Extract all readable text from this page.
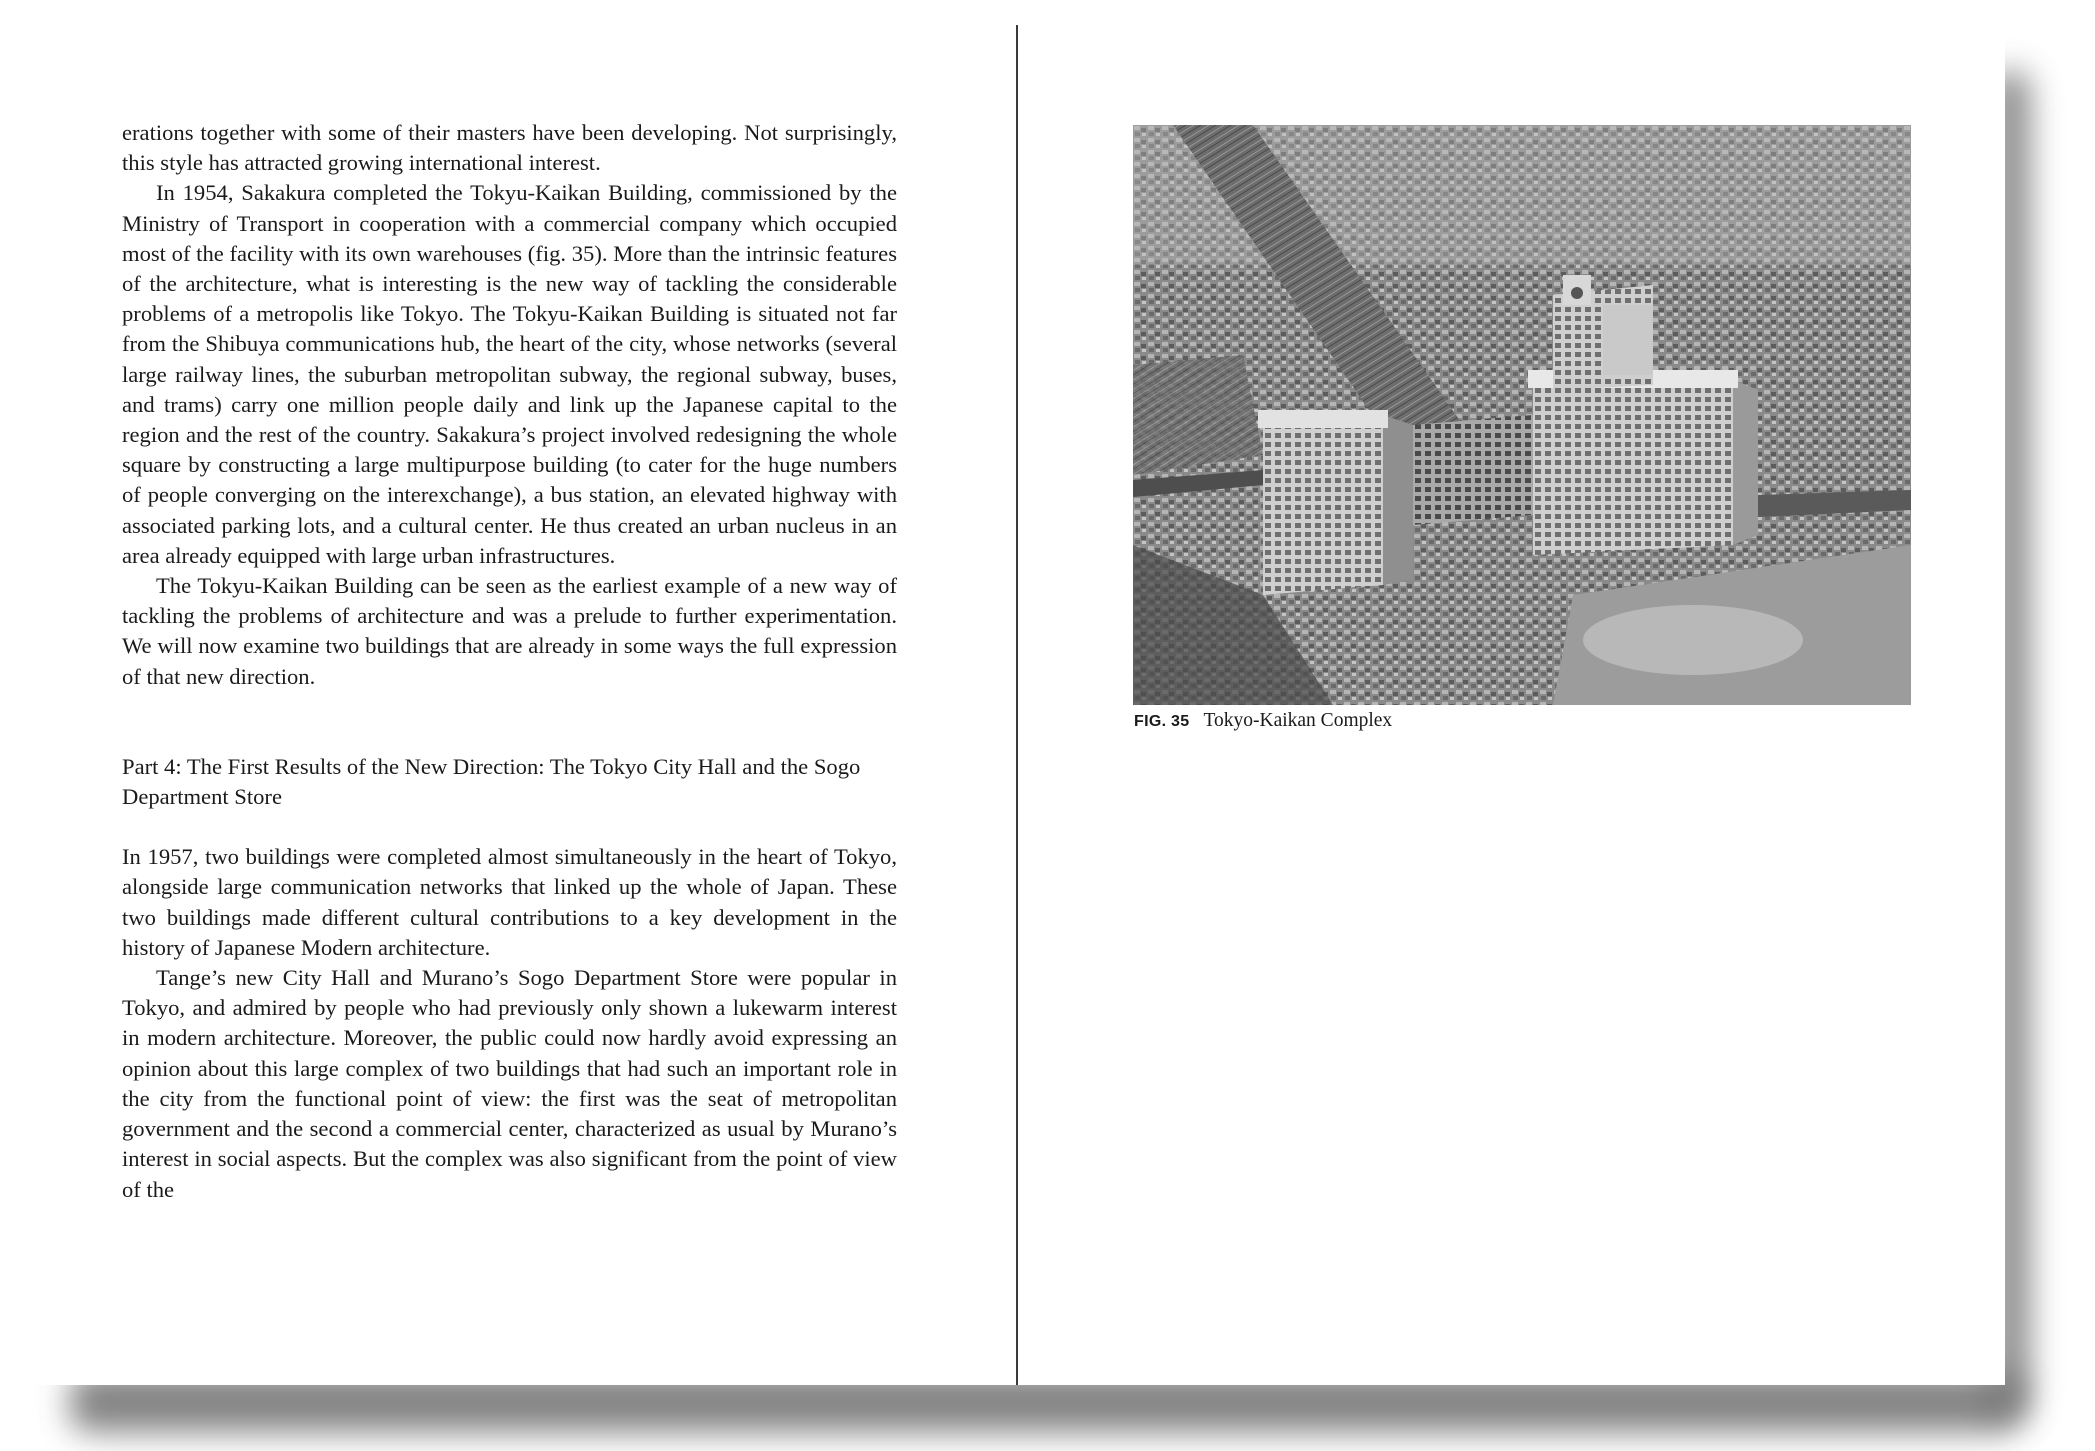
erations together with some of their masters have been developing. Not surprisingly, this style has attracted growing international interest.

In 1954, Sakakura completed the Tokyu-Kaikan Building, commissioned by the Ministry of Transport in cooperation with a commercial company which occupied most of the facility with its own warehouses (fig. 35). More than the intrinsic features of the architecture, what is interesting is the new way of tackling the considerable problems of a metropolis like Tokyo. The Tokyu-Kaikan Building is situated not far from the Shibuya communications hub, the heart of the city, whose networks (several large railway lines, the suburban metropolitan subway, the regional subway, buses, and trams) carry one million people daily and link up the Japanese capital to the region and the rest of the country. Sakakura’s project involved redesigning the whole square by constructing a large multipurpose building (to cater for the huge numbers of people converging on the interexchange), a bus station, an elevated highway with associated parking lots, and a cultural center. He thus created an urban nucleus in an area already equipped with large urban infrastructures.

The Tokyu-Kaikan Building can be seen as the earliest example of a new way of tackling the problems of architecture and was a prelude to further experimentation. We will now examine two buildings that are already in some ways the full expression of that new direction.

Part 4: The First Results of the New Direction: The Tokyo City Hall and the Sogo Department Store

In 1957, two buildings were completed almost simultaneously in the heart of Tokyo, alongside large communication networks that linked up the whole of Japan. These two buildings made different cultural contributions to a key development in the history of Japanese Modern architecture.

Tange’s new City Hall and Murano’s Sogo Department Store were popular in Tokyo, and admired by people who had previously only shown a lukewarm interest in modern architecture. Moreover, the public could now hardly avoid expressing an opinion about this large complex of two buildings that had such an important role in the city from the functional point of view: the first was the seat of metropolitan government and the second a commercial center, characterized as usual by Murano’s interest in social aspects. But the complex was also significant from the point of view of the

FIG. 35 Tokyo-Kaikan Complex
